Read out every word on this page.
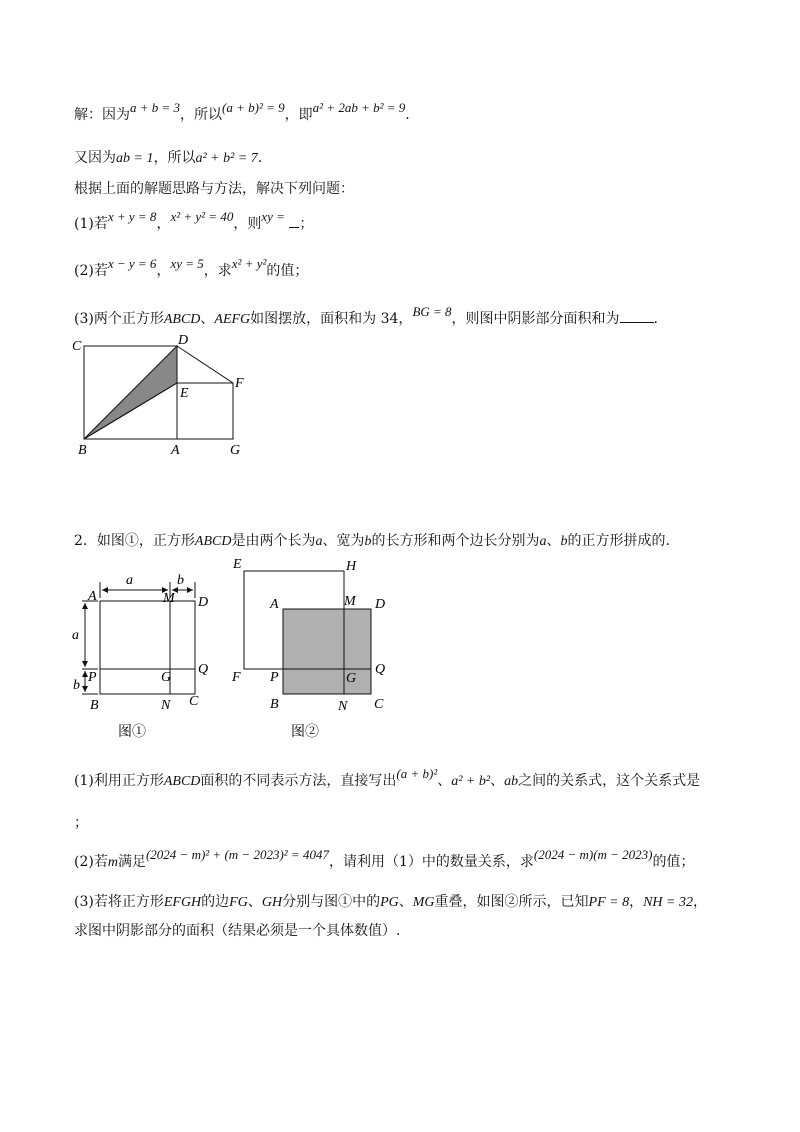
解：因为a + b = 3，所以(a + b)² = 9，即a² + 2ab + b² = 9.
又因为ab = 1，所以a² + b² = 7.
根据上面的解题思路与方法，解决下列问题：
(1)若x + y = 8，x² + y² = 40，则xy = ；
(2)若x − y = 6，xy = 5，求x² + y²的值；
(3)两个正方形ABCD、AEFG如图摆放，面积和为 34，BG = 8，则图中阴影部分面积和为 .
C	D
F
E
B	A	G
2．如图①，正方形ABCD是由两个长为a、宽为b的长方形和两个边长分别为a、b的正方形拼成的.
a	b
A	M D
a
P	G
Q
b
B	N C
图①
E	H
A	M D
F P	G
Q
B	N C
图②
(1)利用正方形ABCD面积的不同表示方法，直接写出(a + b)²、a² + b²、ab之间的关系式，这个关系式是
；
(2)若m满足(2024 − m)² + (m − 2023)² = 4047，请利用（1）中的数量关系，求(2024 − m)(m − 2023)的值；
(3)若将正方形EFGH的边FG、GH分别与图①中的PG、MG重叠，如图②所示，已知PF = 8，NH = 32，
求图中阴影部分的面积（结果必须是一个具体数值）.
